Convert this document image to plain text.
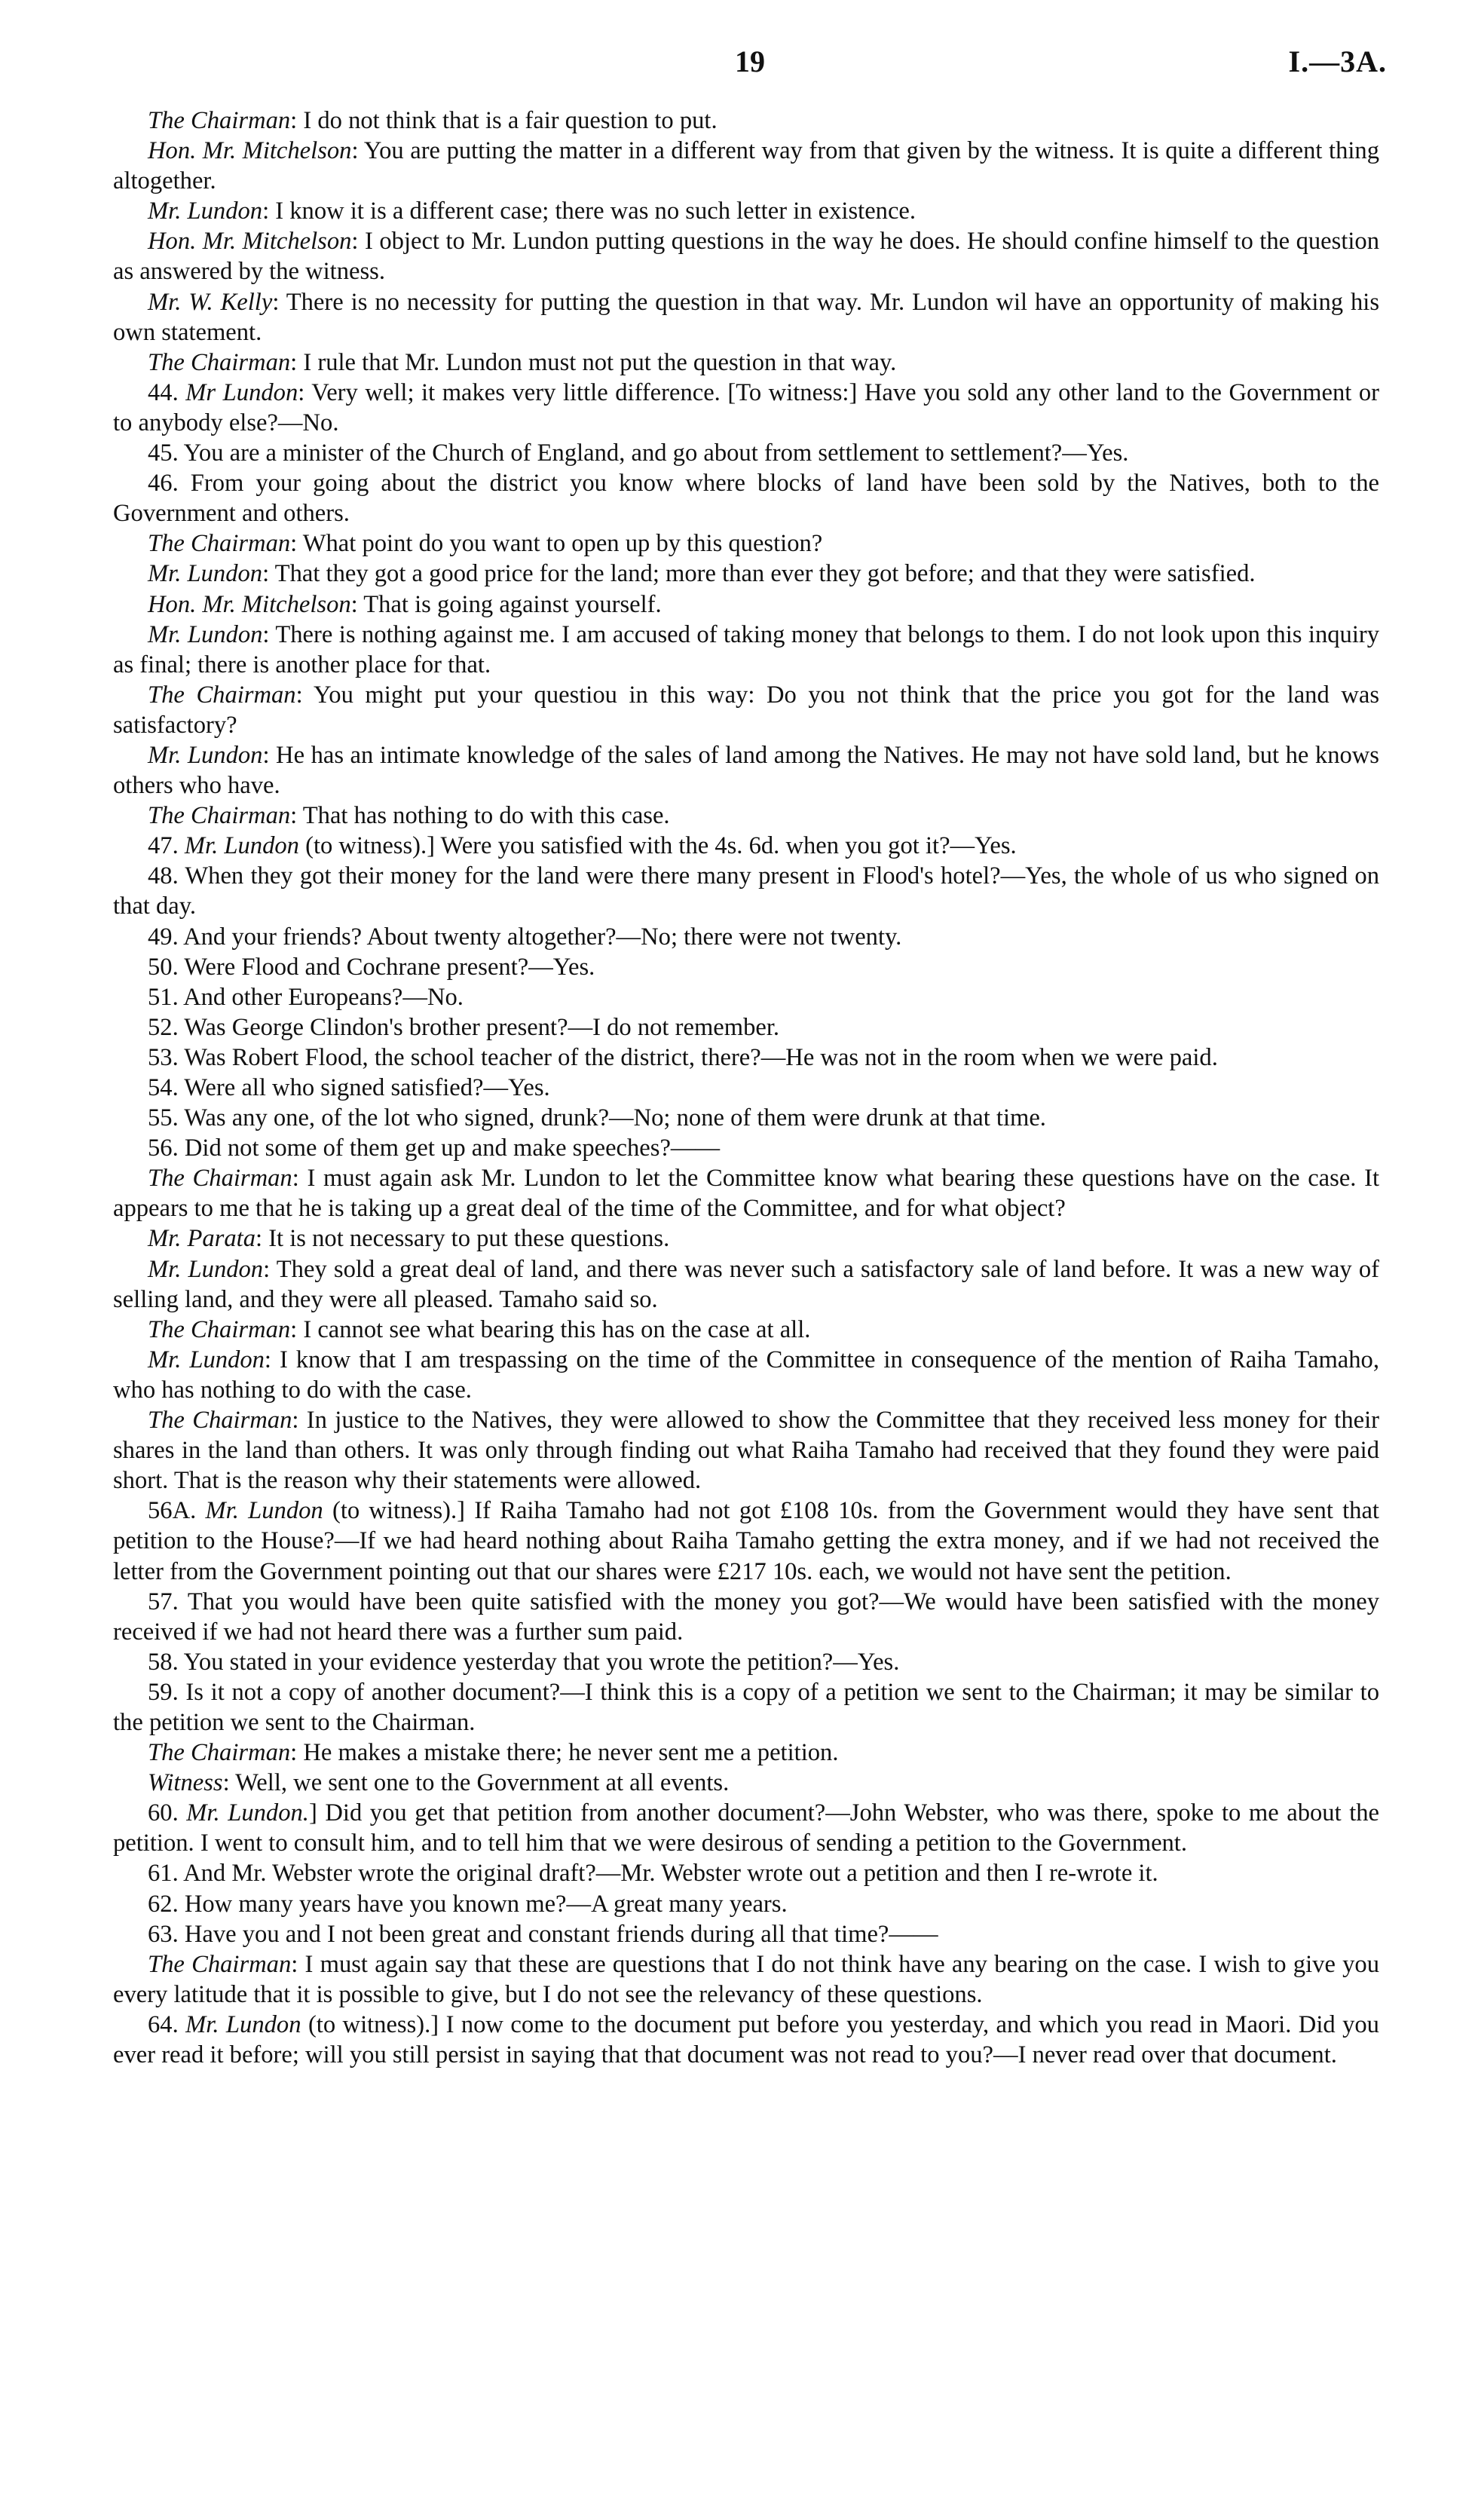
19	I.—3A.

The Chairman: I do not think that is a fair question to put.

Hon. Mr. Mitchelson: You are putting the matter in a different way from that given by the witness. It is quite a different thing altogether.

Mr. Lundon: I know it is a different case; there was no such letter in existence.

Hon. Mr. Mitchelson: I object to Mr. Lundon putting questions in the way he does. He should confine himself to the question as answered by the witness.

Mr. W. Kelly: There is no necessity for putting the question in that way. Mr. Lundon wil have an opportunity of making his own statement.

The Chairman: I rule that Mr. Lundon must not put the question in that way.

44. Mr Lundon: Very well; it makes very little difference. [To witness:] Have you sold any other land to the Government or to anybody else?—No.

45. You are a minister of the Church of England, and go about from settlement to settlement?—Yes.

46. From your going about the district you know where blocks of land have been sold by the Natives, both to the Government and others.

The Chairman: What point do you want to open up by this question?

Mr. Lundon: That they got a good price for the land; more than ever they got before; and that they were satisfied.

Hon. Mr. Mitchelson: That is going against yourself.

Mr. Lundon: There is nothing against me. I am accused of taking money that belongs to them. I do not look upon this inquiry as final; there is another place for that.

The Chairman: You might put your questiou in this way: Do you not think that the price you got for the land was satisfactory?

Mr. Lundon: He has an intimate knowledge of the sales of land among the Natives. He may not have sold land, but he knows others who have.

The Chairman: That has nothing to do with this case.

47. Mr. Lundon (to witness).] Were you satisfied with the 4s. 6d. when you got it?—Yes.

48. When they got their money for the land were there many present in Flood's hotel?—Yes, the whole of us who signed on that day.

49. And your friends? About twenty altogether?—No; there were not twenty.

50. Were Flood and Cochrane present?—Yes.

51. And other Europeans?—No.

52. Was George Clindon's brother present?—I do not remember.

53. Was Robert Flood, the school teacher of the district, there?—He was not in the room when we were paid.

54. Were all who signed satisfied?—Yes.

55. Was any one, of the lot who signed, drunk?—No; none of them were drunk at that time.

56. Did not some of them get up and make speeches?——

The Chairman: I must again ask Mr. Lundon to let the Committee know what bearing these questions have on the case. It appears to me that he is taking up a great deal of the time of the Committee, and for what object?

Mr. Parata: It is not necessary to put these questions.

Mr. Lundon: They sold a great deal of land, and there was never such a satisfactory sale of land before. It was a new way of selling land, and they were all pleased. Tamaho said so.

The Chairman: I cannot see what bearing this has on the case at all.

Mr. Lundon: I know that I am trespassing on the time of the Committee in consequence of the mention of Raiha Tamaho, who has nothing to do with the case.

The Chairman: In justice to the Natives, they were allowed to show the Committee that they received less money for their shares in the land than others. It was only through finding out what Raiha Tamaho had received that they found they were paid short. That is the reason why their statements were allowed.

56A. Mr. Lundon (to witness).] If Raiha Tamaho had not got £108 10s. from the Government would they have sent that petition to the House?—If we had heard nothing about Raiha Tamaho getting the extra money, and if we had not received the letter from the Government pointing out that our shares were £217 10s. each, we would not have sent the petition.

57. That you would have been quite satisfied with the money you got?—We would have been satisfied with the money received if we had not heard there was a further sum paid.

58. You stated in your evidence yesterday that you wrote the petition?—Yes.

59. Is it not a copy of another document?—I think this is a copy of a petition we sent to the Chairman; it may be similar to the petition we sent to the Chairman.

The Chairman: He makes a mistake there; he never sent me a petition.

Witness: Well, we sent one to the Government at all events.

60. Mr. Lundon.] Did you get that petition from another document?—John Webster, who was there, spoke to me about the petition. I went to consult him, and to tell him that we were desirous of sending a petition to the Government.

61. And Mr. Webster wrote the original draft?—Mr. Webster wrote out a petition and then I re-wrote it.

62. How many years have you known me?—A great many years.

63. Have you and I not been great and constant friends during all that time?——

The Chairman: I must again say that these are questions that I do not think have any bearing on the case. I wish to give you every latitude that it is possible to give, but I do not see the relevancy of these questions.

64. Mr. Lundon (to witness).] I now come to the document put before you yesterday, and which you read in Maori. Did you ever read it before; will you still persist in saying that that document was not read to you?—I never read over that document.
